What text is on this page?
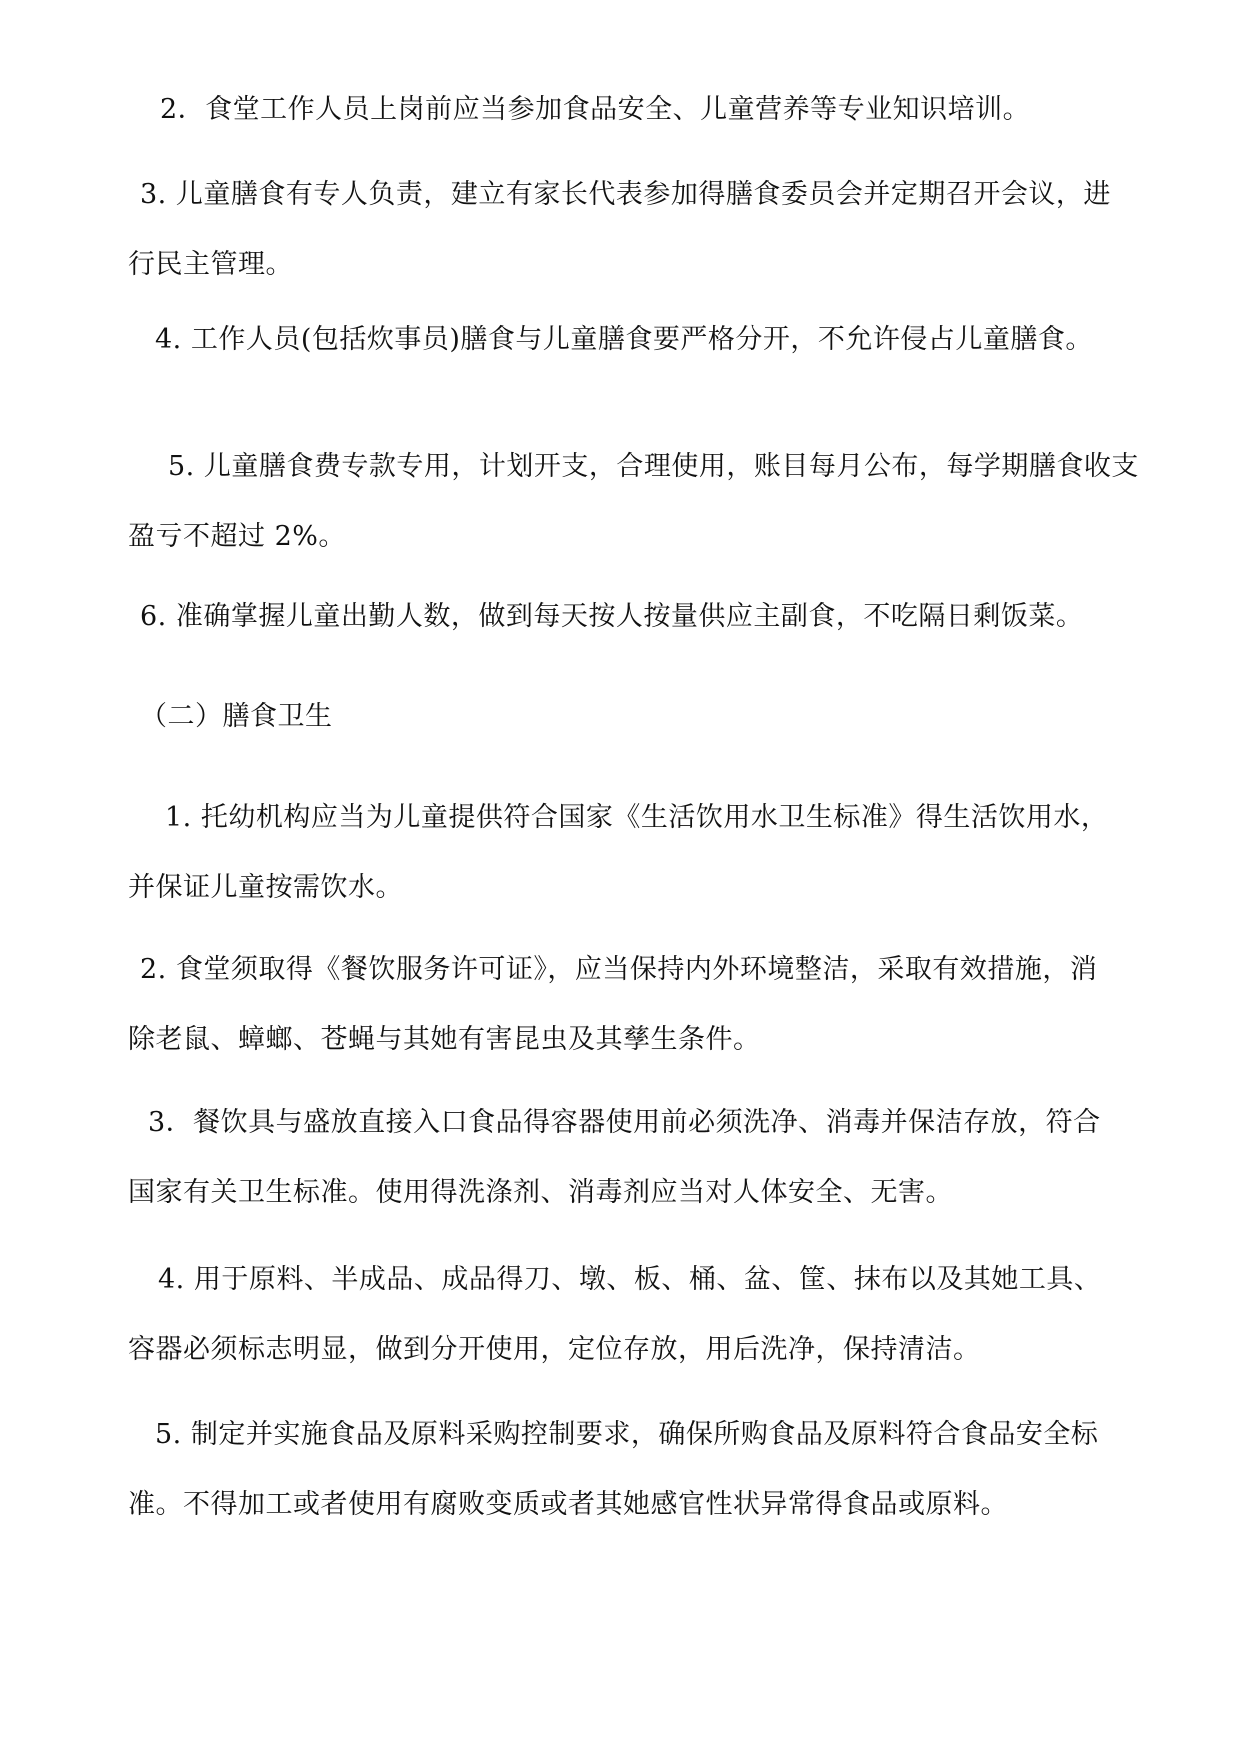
2．食堂工作人员上岗前应当参加食品安全、儿童营养等专业知识培训。
3. 儿童膳食有专人负责，建立有家长代表参加得膳食委员会并定期召开会议，进
行民主管理。
4. 工作人员(包括炊事员)膳食与儿童膳食要严格分开，不允许侵占儿童膳食。
5. 儿童膳食费专款专用，计划开支，合理使用，账目每月公布，每学期膳食收支
盈亏不超过 2%。
6. 准确掌握儿童出勤人数，做到每天按人按量供应主副食，不吃隔日剩饭菜。
（二）膳食卫生
1. 托幼机构应当为儿童提供符合国家《生活饮用水卫生标准》得生活饮用水，
并保证儿童按需饮水。
2. 食堂须取得《餐饮服务许可证》，应当保持内外环境整洁，采取有效措施，消
除老鼠、蟑螂、苍蝇与其她有害昆虫及其孳生条件。
3．餐饮具与盛放直接入口食品得容器使用前必须洗净、消毒并保洁存放，符合
国家有关卫生标准。使用得洗涤剂、消毒剂应当对人体安全、无害。
4. 用于原料、半成品、成品得刀、墩、板、桶、盆、筐、抹布以及其她工具、
容器必须标志明显，做到分开使用，定位存放，用后洗净，保持清洁。
5. 制定并实施食品及原料采购控制要求，确保所购食品及原料符合食品安全标
准。不得加工或者使用有腐败变质或者其她感官性状异常得食品或原料。
